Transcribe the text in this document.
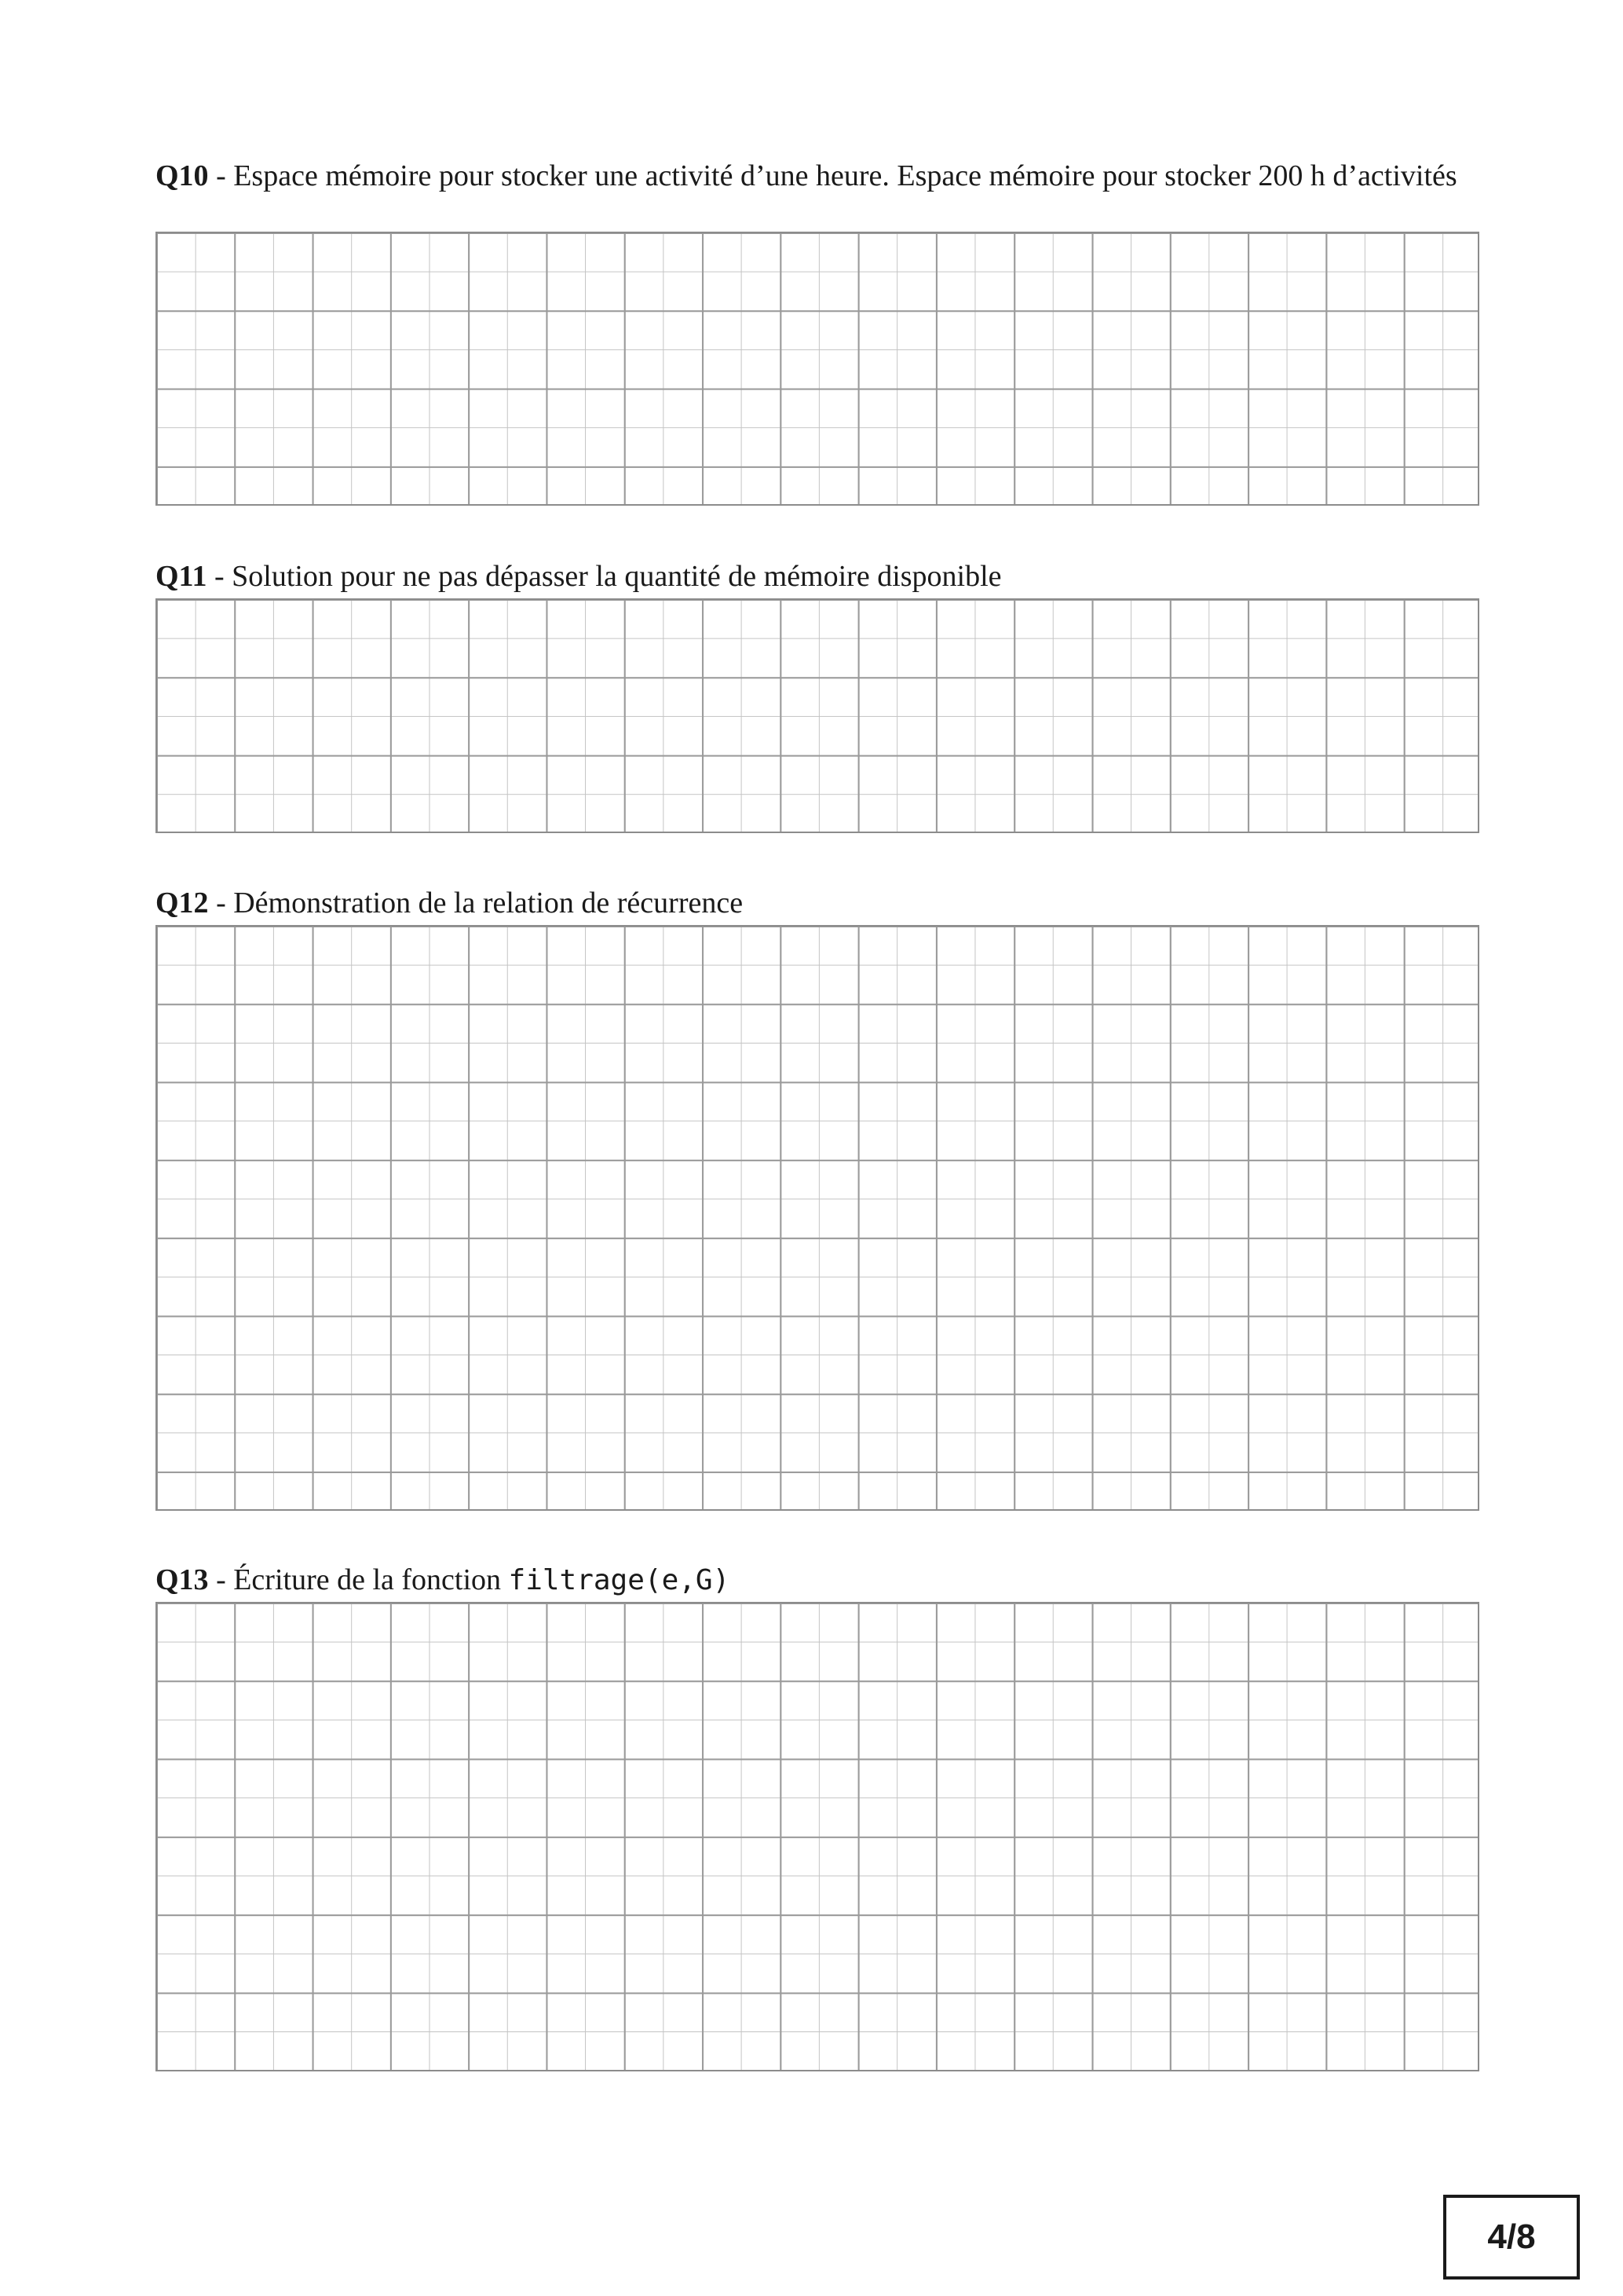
Q10 - Espace mémoire pour stocker une activité d’une heure. Espace mémoire pour stocker 200 h d’activités
Q11 - Solution pour ne pas dépasser la quantité de mémoire disponible
Q12 - Démonstration de la relation de récurrence
Q13 - Écriture de la fonction filtrage(e,G)
4/8
